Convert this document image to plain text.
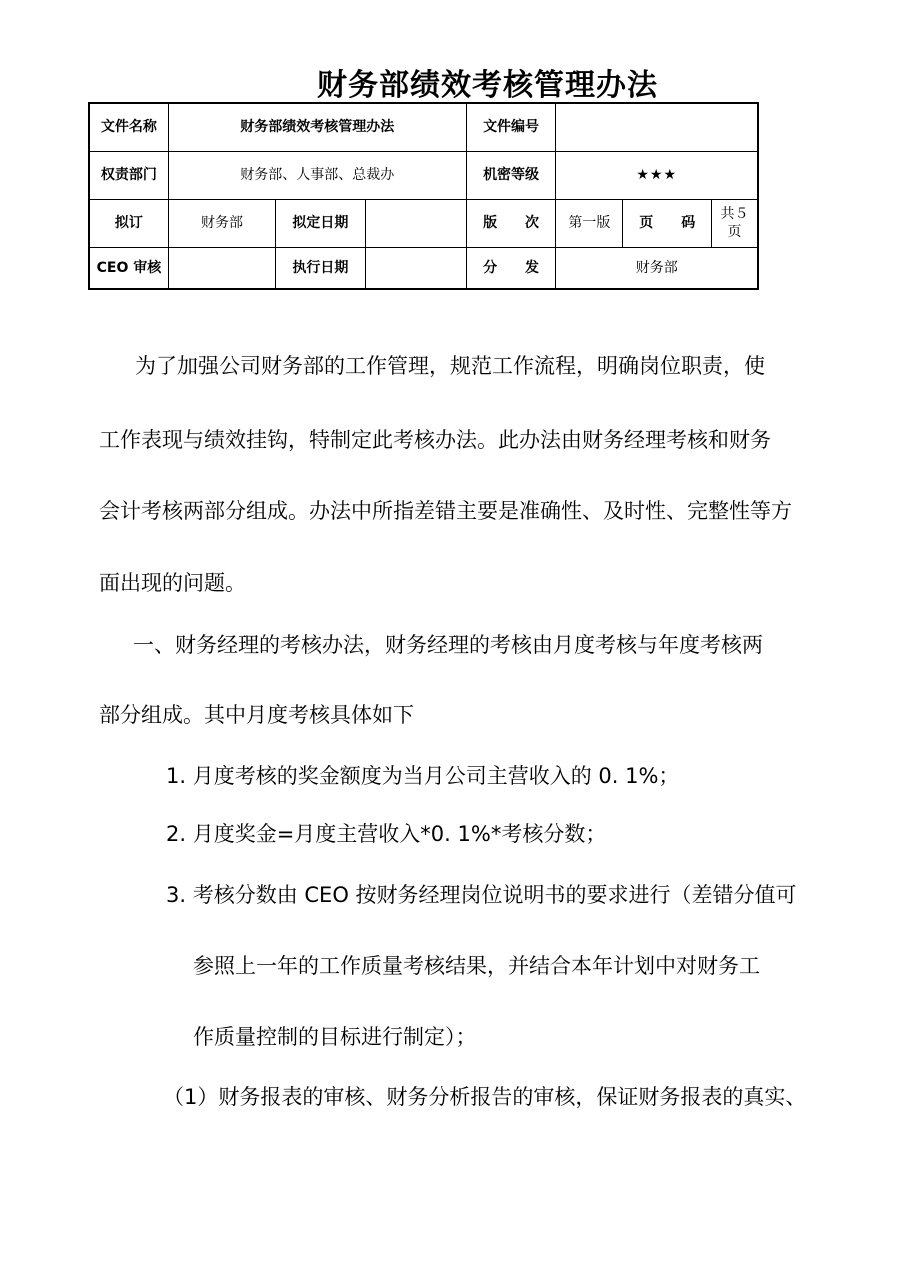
财务部绩效考核管理办法
文件名称	财务部绩效考核管理办法			文件编号			
权责部门	财务部、人事部、总裁办			机密等级	★★★		
拟订	财务部	拟定日期		版　　次	第一版	页　　码	共５页
CEO 审核		执行日期		分　　发	财务部		

为了加强公司财务部的工作管理，规范工作流程，明确岗位职责，使

工作表现与绩效挂钩，特制定此考核办法。此办法由财务经理考核和财务

会计考核两部分组成。办法中所指差错主要是准确性、及时性、完整性等方

面出现的问题。

一、财务经理的考核办法，财务经理的考核由月度考核与年度考核两

部分组成。其中月度考核具体如下

1. 月度考核的奖金额度为当月公司主营收入的 0. 1%；

2. 月度奖金=月度主营收入*0. 1%*考核分数；

3. 考核分数由 CEO 按财务经理岗位说明书的要求进行（差错分值可

参照上一年的工作质量考核结果，并结合本年计划中对财务工

作质量控制的目标进行制定）；

（1）财务报表的审核、财务分析报告的审核，保证财务报表的真实、
